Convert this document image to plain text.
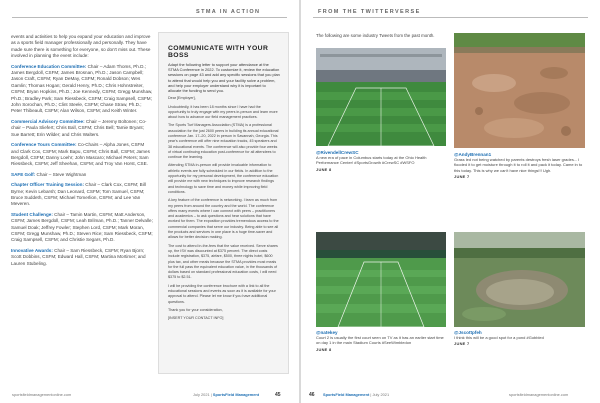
STMA IN ACTION

events and activities to help you expand your education and improve as a sports field manager professionally and personally. They have made sure there is something for everyone, so don't miss out. These involved in planning the event include:

Conference Education Committee: Chair – Adam Thoms, Ph.D.; James Bergdoll, CSFM; James Brosnan, Ph.D.; Jason Campbell; Jason Craft, CSFM; Ryan DeMay, CSFM; Ronald Dobson; Wes Gamlin; Thomas Hogan; Gerald Henry, Ph.D.; Chris Hohnstreiter, CSFM; Bryan Hopkins, Ph.D.; Joe Kennedy, CSFM; Gregg Munshaw, Ph.D.; Bradley Park; Sam Riessbeck, CSFM; Craig Sampsell, CSFM; John Sorochan, Ph.D.; Clint Steele, CSFM; Chase Straw, Ph.D.; Peter Thibeault, CSFM; Alan Wilson, CSFM; and Keith Winter.

Commercial Advisory Committee: Chair – Jeremy Boltonen; Co-chair – Paula Sliefert; Chris Ball, CSFM; Chris Bell; Tamie Bryant; Sue Barrett; Erin Wilder; and Chris Walters.

Conference Tours Committee: Co-Chairs – Alpha Jones, CSFM and Clark Cox, CSFM; Mark Bapu, CSFM; Chris Ball, CSFM; James Bergdoll, CSFM; Danny Loehr; John Mascaro; Michael Peters; Sam Riessbeck, CSFM; Jeff Sheehan, CSFM; and Troy Van Horst, CSE.

SAFE Golf: Chair – Steve Wightman

Chapter Officer Training Session: Chair – Clark Cox, CSFM; Bill Byrne; Kevin Lebarsh; Dan Leonard, CSFM; Tom Samuel, CSFM; Bruce Suddeth, CSFM; Michael Tomerlion, CSFM; and Lee Van Meveren.

Student Challenge: Chair – Tamin Martin, CSFM; Matt Anderson, CSFM; James Bergdoll, CSFM; Leah Brilman, Ph.D.; Tanner Delvalle; Samuel Doak; Jeffrey Fowler; Stephen Lord, CSFM; Mark Moran, CSFM; Gregg Munshaw, Ph.D.; Steven Rice; Sam Riessbeck, CSFM; Craig Sampsell, CSFM; and Christie Segars, Ph.D.

Innovative Awards: Chair – Sam Riessbeck, CSFM; Ryan Bjorn; Scott Dobbins, CSFM; Edward Hall, CSFM; Martina Mortimer; and Lauren Stubeling.

COMMUNICATE WITH YOUR BOSS
Adapt the following letter to support your attendance at the STMA Conference in 2022. To customize it, review the education sessions on page 43 and add any specific sessions that you plan to attend that would help you and your facility solve a problem, and help your employer understand why it is important to allocate the funding to send you.

Dear [Employer],

Undoubtedly, it has been 18 months since I have had the opportunity to truly engage with my peers in-person and learn more about how to advance our field management practices.

The Sports Turf Managers Association (STMA) is a professional association for the just 2600 peers in building its annual educational conference Jan. 17–20, 2022 in person in Savannah, Georgia. This year's conference will offer nine education tracks, 45 speakers and 38 educational events. The conference will also provide four weeks of virtual continuing education post-conference for all attendees to continue the learning.

Attending STMA in-person will provide invaluable information to athletic events are fully scheduled in our fields. In addition to the opportunity for my personal development, the conference education will provide me with new techniques to improve research findings and technology to save time and money while improving field conditions.

A key feature of the conference is networking. I learn as much from my peers from around the country and the world. The conference offers many events where I can connect with peers – practitioners and academics – to ask questions and hear solutions that have worked for them. The exposition provides tremendous access to the commercial companies that serve our industry. Being able to see all the products and services in one place is a huge time-saver and allows for better decision making.

The cost to attend in-the-fees that the value received. Serve shares up, the ISV was discounted at $375 percent. The direct costs include registration, $375, airfare, $500, three nights hotel, $600 plus tax, and other meals because the STMA provides most meals for the full pass the equivalent education value, in the thousands of dollars based on standard professional education costs, I will need $375 to $2.51.

I will be providing the conference brochure with a link to all the educational sessions and events as soon as it is available for your approval to attend. Please let me know if you have additional questions.

Thank you for your consideration,

[INSERT YOUR CONTACT INFO]

sportsfieldmanagementonline.com	July 2021 | SportsField Management	45
FROM THE TWITTERVERSE
The following are some industry Tweets from the past month.
@RivendellCrewSC
A new era of pace in Columbus starts today at the Ohio Health Performance Center! #SportsGrowth #CrewSC #WSFO
JUNE 8
@AndyBrennan1
Grass led not being watched by parents destroys fresh laser grades... I flooded it to get moisture through it to roll it and pack it today. Came in to this today. This is why we can't have nice things!!! Ugh.
JUNE 7
@natekey
Court 2 is usually the first court seen on TV as it has an earlier start time on day 1 in the main Stadium Courts #SeeWimbledon
JUNE 8
@Jscottpfeh
I think this will be a good spot for a pond #Gobbled
JUNE 7
46 SportsField Management | July 2021	sportsfieldmanagementonline.com
